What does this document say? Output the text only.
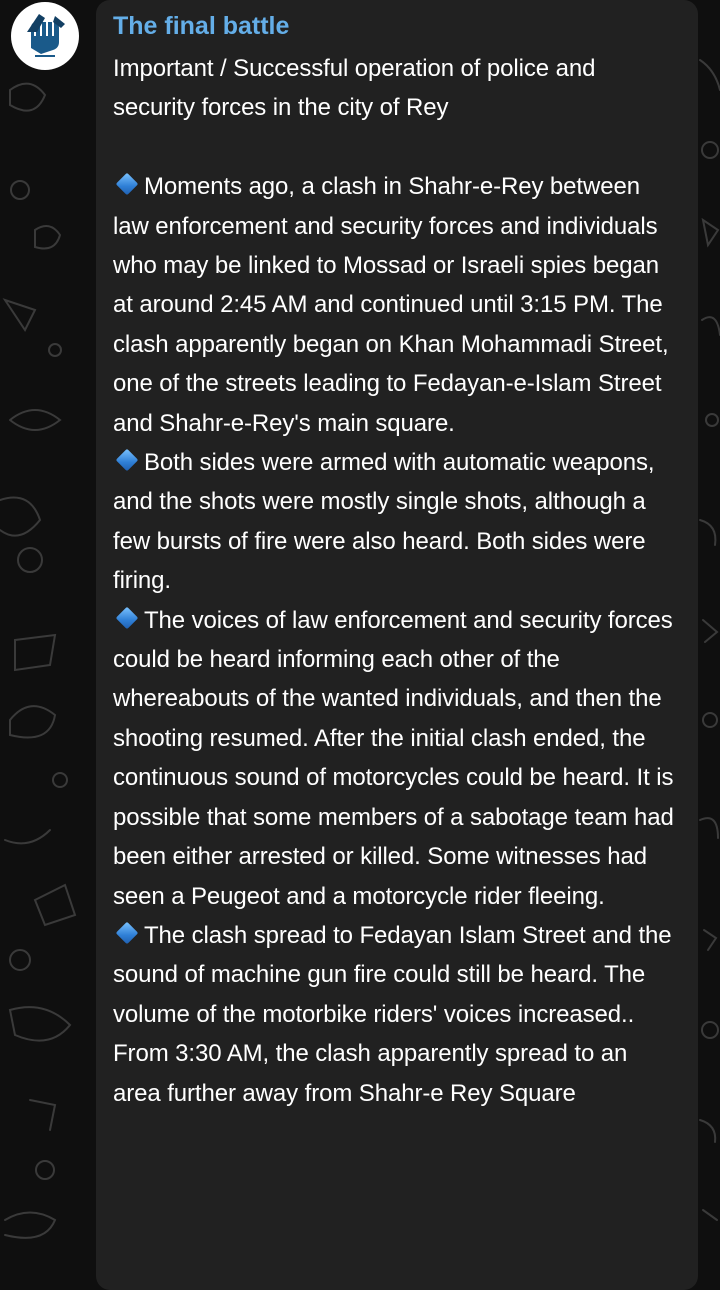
The final battle

Important / Successful operation of police and security forces in the city of Rey

Moments ago, a clash in Shahr-e-Rey between law enforcement and security forces and individuals who may be linked to Mossad or Israeli spies began at around 2:45 AM and continued until 3:15 PM. The clash apparently began on Khan Mohammadi Street, one of the streets leading to Fedayan-e-Islam Street and Shahr-e-Rey's main square.

Both sides were armed with automatic weapons, and the shots were mostly single shots, although a few bursts of fire were also heard. Both sides were firing.

The voices of law enforcement and security forces could be heard informing each other of the whereabouts of the wanted individuals, and then the shooting resumed. After the initial clash ended, the continuous sound of motorcycles could be heard. It is possible that some members of a sabotage team had been either arrested or killed. Some witnesses had seen a Peugeot and a motorcycle rider fleeing.

The clash spread to Fedayan Islam Street and the sound of machine gun fire could still be heard. The volume of the motorbike riders' voices increased.. From 3:30 AM, the clash apparently spread to an area further away from Shahr-e Rey Square
